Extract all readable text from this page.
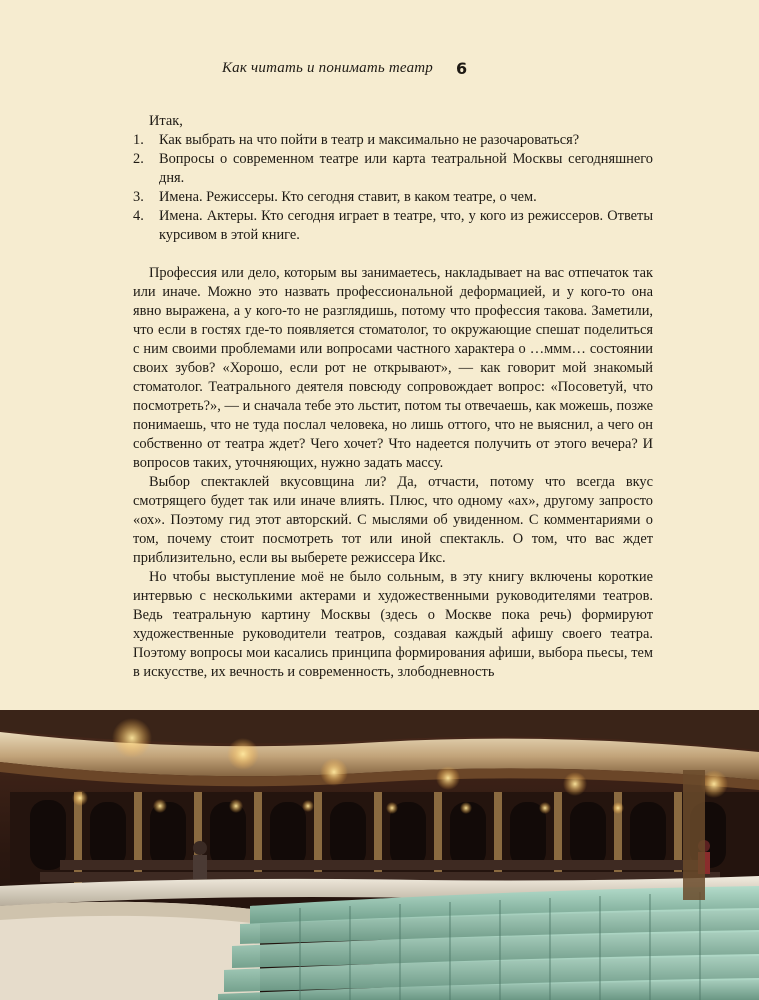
Как читать и понимать театр 6

Итак,

1. Как выбрать на что пойти в театр и максимально не разочароваться?
2. Вопросы о современном театре или карта театральной Москвы сегодняшнего дня.
3. Имена. Режиссеры. Кто сегодня ставит, в каком театре, о чем.
4. Имена. Актеры. Кто сегодня играет в театре, что, у кого из режиссеров. Ответы курсивом в этой книге.

Профессия или дело, которым вы занимаетесь, накладывает на вас отпечаток так или иначе. Можно это назвать профессиональной деформацией, и у кого-то она явно выражена, а у кого-то не разглядишь, потому что профессия такова. Заметили, что если в гостях где-то появляется стоматолог, то окружающие спешат поделиться с ним своими проблемами или вопросами частного характера о …ммм… состоянии своих зубов? «Хорошо, если рот не открывают», — как говорит мой знакомый стоматолог. Театрального деятеля повсюду сопровождает вопрос: «Посоветуй, что посмотреть?», — и сначала тебе это льстит, потом ты отвечаешь, как можешь, позже понимаешь, что не туда послал человека, но лишь оттого, что не выяснил, а чего он собственно от театра ждет? Чего хочет? Что надеется получить от этого вечера? И вопросов таких, уточняющих, нужно задать массу.

Выбор спектаклей вкусовщина ли? Да, отчасти, потому что всегда вкус смотрящего будет так или иначе влиять. Плюс, что одному «ах», другому запросто «ох». Поэтому гид этот авторский. С мыслями об увиденном. С комментариями о том, почему стоит посмотреть тот или иной спектакль. О том, что вас ждет приблизительно, если вы выберете режиссера Икс.

Но чтобы выступление моё не было сольным, в эту книгу включены короткие интервью с несколькими актерами и художественными руководителями театров. Ведь театральную картину Москвы (здесь о Москве пока речь) формируют художественные руководители театров, создавая каждый афишу своего театра. Поэтому вопросы мои касались принципа формирования афиши, выбора пьесы, тем в искусстве, их вечность и современность, злободневность
